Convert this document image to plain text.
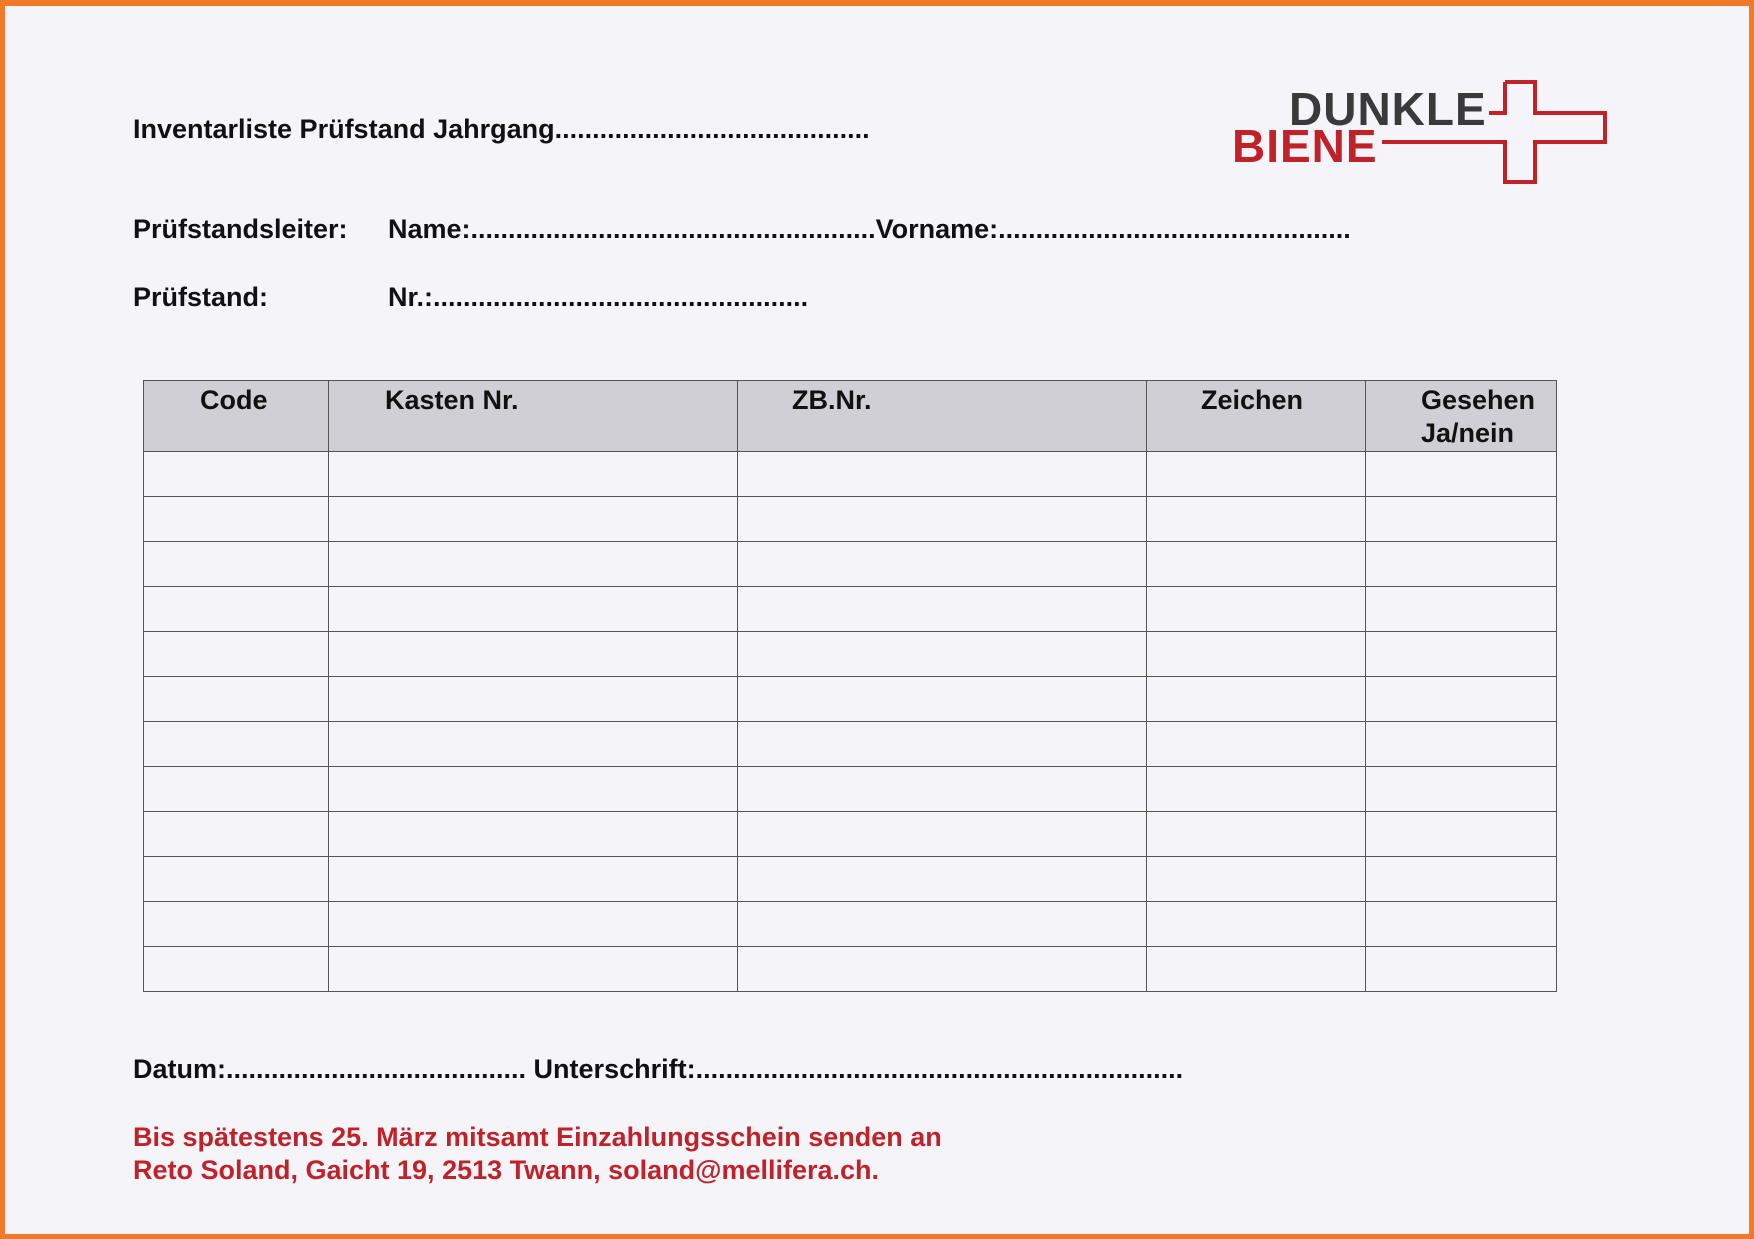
Inventarliste Prüfstand Jahrgang..........................................	DUNKLE
BIENE
Prüfstandsleiter: Name:......................................................Vorname:...............................................
Prüfstand:	Nr.:..................................................
Code	Kasten Nr.	ZB.Nr.	Zeichen	Gesehen
Ja/nein

Datum:........................................ Unterschrift:.................................................................
Bis spätestens 25. März mitsamt Einzahlungsschein senden an
Reto Soland, Gaicht 19, 2513 Twann, soland@mellifera.ch.
